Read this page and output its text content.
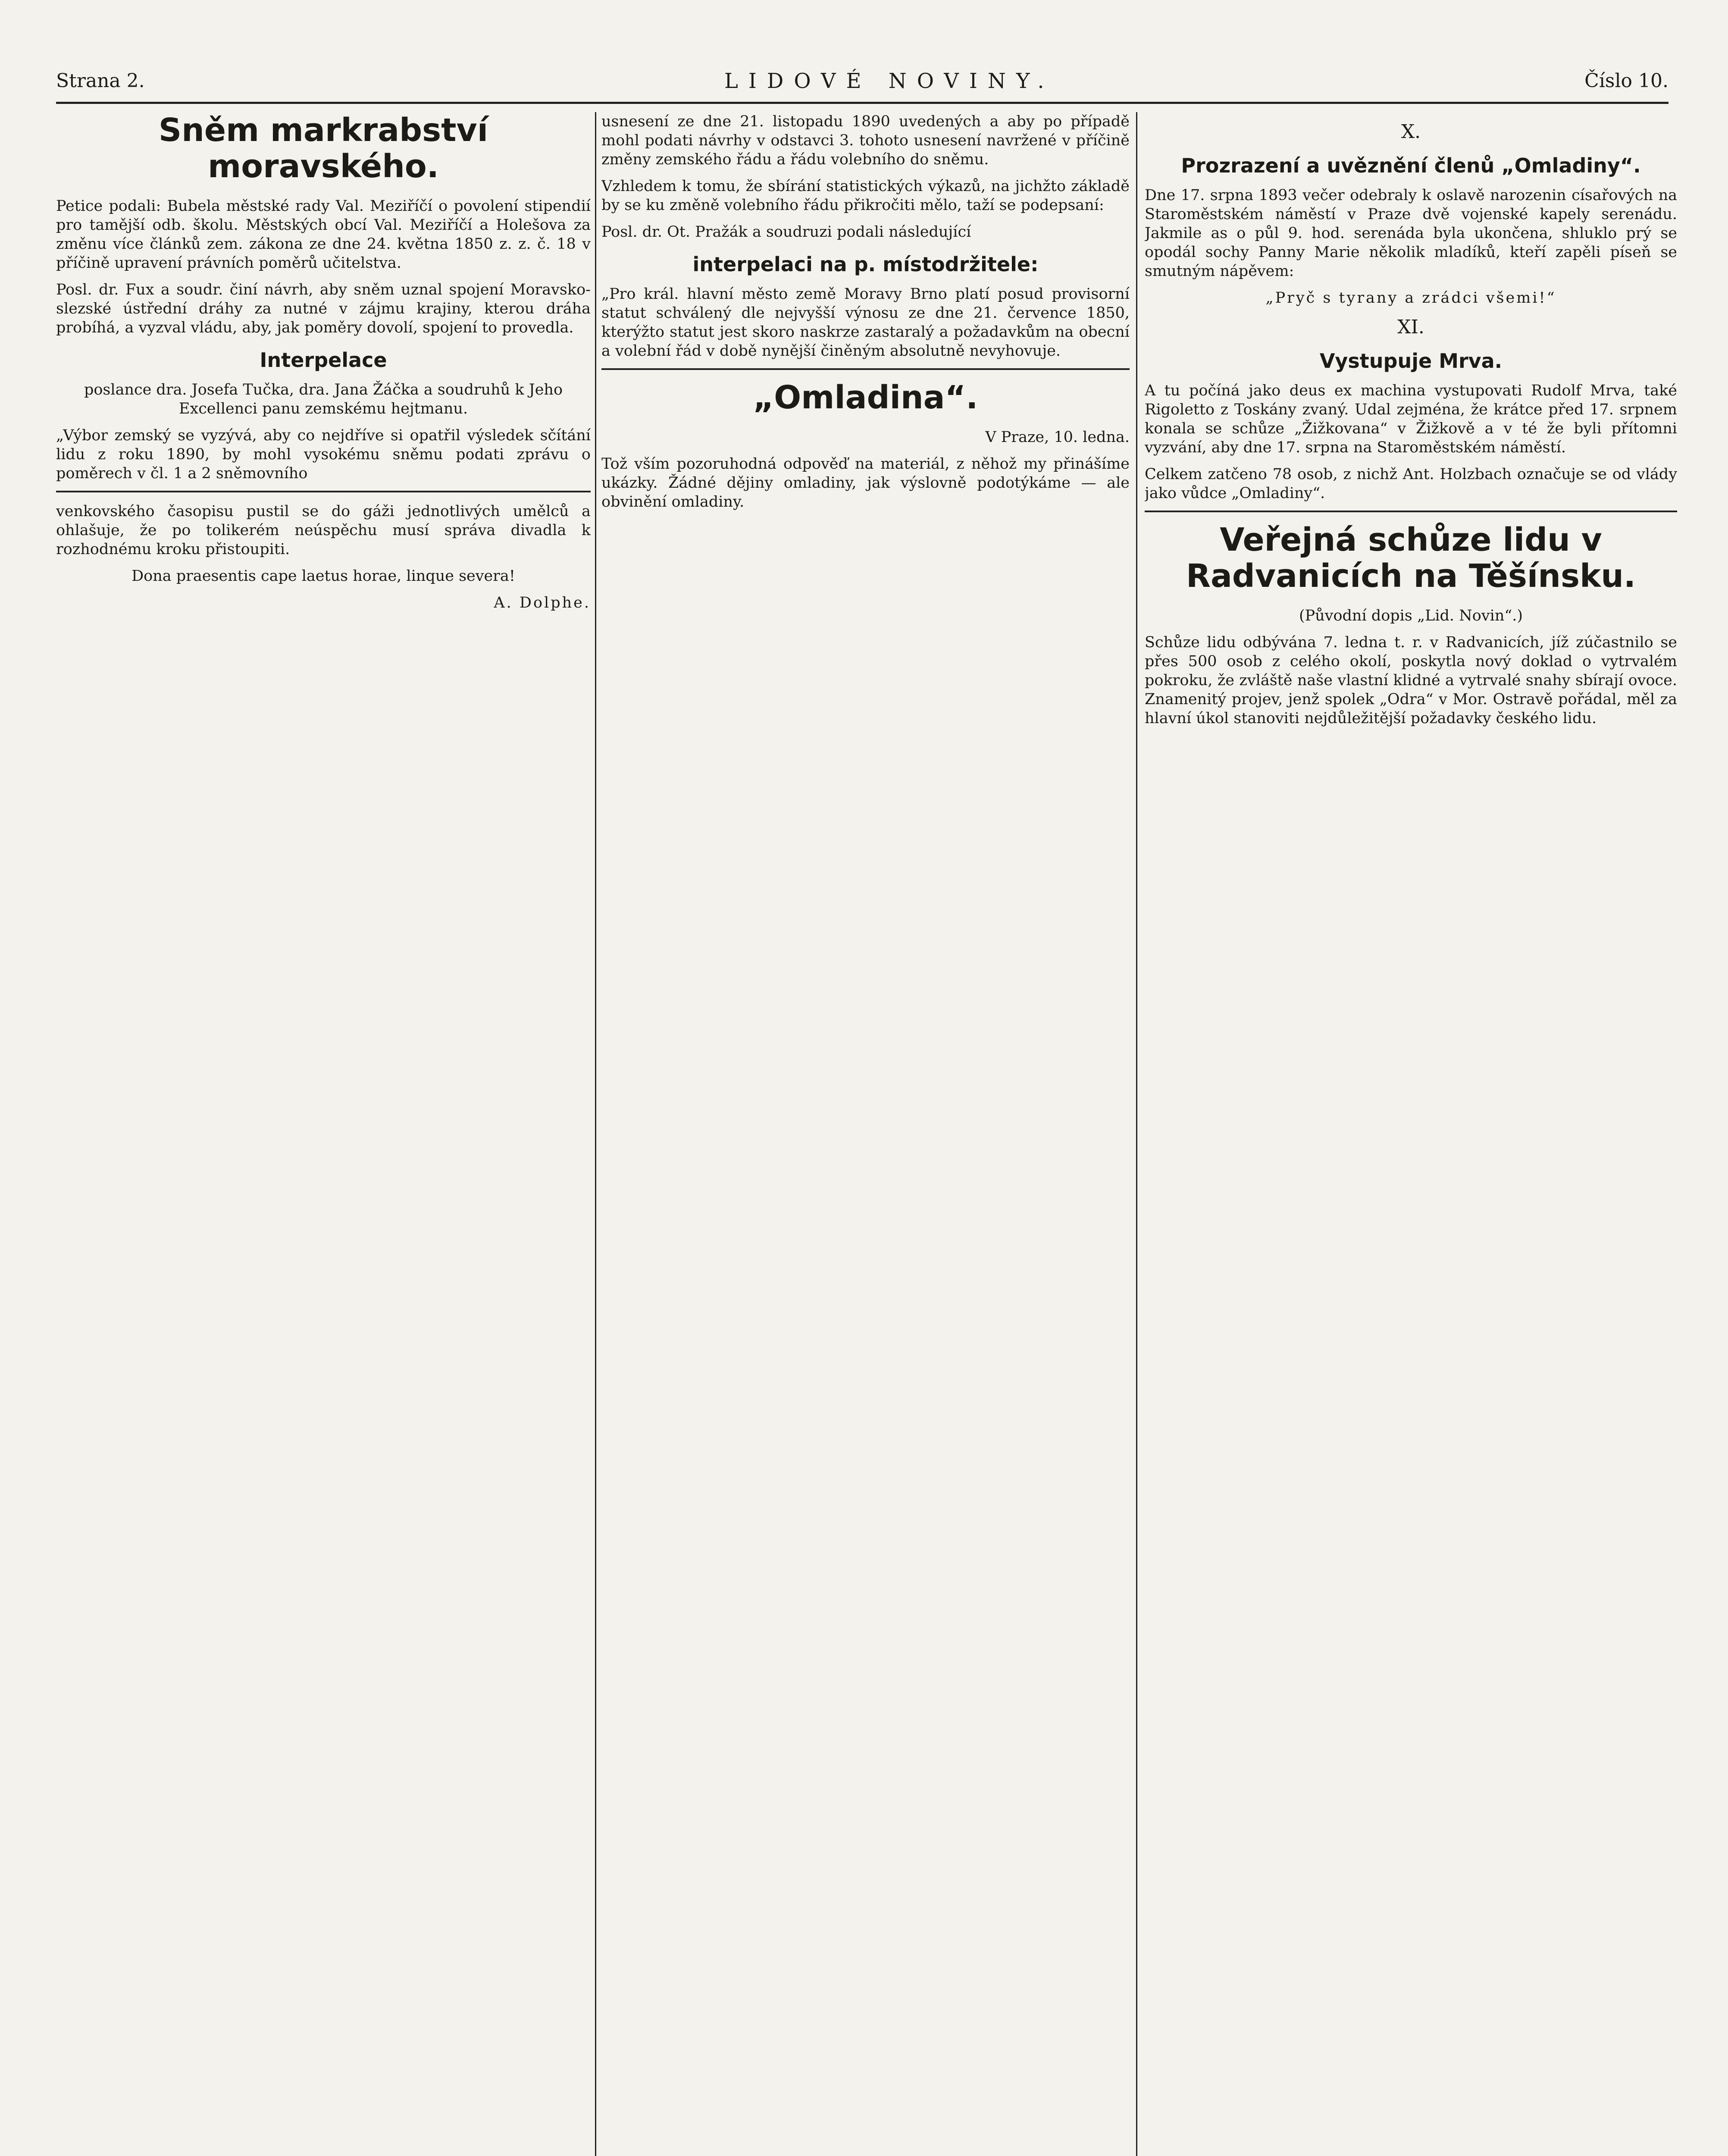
Strana 2.	LIDOVÉ NOVINY.	Číslo 10.
Sněm markrabství moravského.

Petice podali: Bubela městské rady Val. Meziříčí o povolení stipendií pro tamější odb. školu. Městských obcí Val. Meziříčí a Holešova za změnu více článků zem. zákona ze dne 24. května 1850 z. z. č. 18 v příčině upravení právních poměrů učitelstva.

Posl. dr. Fux a soudr. činí návrh, aby sněm uznal spojení Moravsko-slezské ústřední dráhy za nutné v zájmu krajiny, kterou dráha probíhá, a vyzval vládu, aby, jak poměry dovolí, spojení to provedla.

Interpelace

poslance dra. Josefa Tučka, dra. Jana Žáčka a soudruhů k Jeho Excellenci panu zemskému hejtmanu.

„Výbor zemský se vyzývá, aby co nejdříve si opatřil výsledek sčítání lidu z roku 1890, by mohl vysokému sněmu podati zprávu o poměrech v čl. 1 a 2 sněmovního

venkovského časopisu pustil se do gáži jednotlivých umělců a ohlašuje, že po tolikerém neúspěchu musí správa divadla k rozhodnému kroku přistoupiti.

Dona praesentis cape laetus horae, linque severa!

A. Dolphe.

usnesení ze dne 21. listopadu 1890 uvedených a aby po případě mohl podati návrhy v odstavci 3. tohoto usnesení navržené v příčině změny zemského řádu a řádu volebního do sněmu.

Vzhledem k tomu, že sbírání statistických výkazů, na jichžto základě by se ku změně volebního řádu přikročiti mělo, taží se podepsaní:

Posl. dr. Ot. Pražák a soudruzi podali následující

interpelaci na p. místodržitele:

„Pro král. hlavní město země Moravy Brno platí posud provisorní statut schválený dle nejvyšší výnosu ze dne 21. července 1850, kterýžto statut jest skoro naskrze zastaralý a požadavkům na obecní a volební řád v době nynější činěným absolutně nevyhovuje.

„Omladina“.

V Praze, 10. ledna.

Tož vším pozoruhodná odpověď na materiál, z něhož my přinášíme ukázky. Žádné dějiny omladiny, jak výslovně podotýkáme — ale obvinění omladiny.

X.
Prozrazení a uvěznění členů „Omladiny“.

Dne 17. srpna 1893 večer odebraly k oslavě narozenin císařových na Staroměstském náměstí v Praze dvě vojenské kapely serenádu. Jakmile as o půl 9. hod. serenáda byla ukončena, shluklo prý se opodál sochy Panny Marie několik mladíků, kteří zapěli píseň se smutným nápěvem:

„Pryč s tyrany a zrádci všemi!“

XI.
Vystupuje Mrva.

A tu počíná jako deus ex machina vystupovati Rudolf Mrva, také Rigoletto z Toskány zvaný. Udal zejména, že krátce před 17. srpnem konala se schůze „Žižkovana“ v Žižkově a v té že byli přítomni vyzvání, aby dne 17. srpna na Staroměstském náměstí.

Celkem zatčeno 78 osob, z nichž Ant. Holzbach označuje se od vlády jako vůdce „Omladiny“.

Veřejná schůze lidu v Radvanicích na Těšínsku.

(Původní dopis „Lid. Novin“.)

Schůze lidu odbývána 7. ledna t. r. v Radvanicích, jíž zúčastnilo se přes 500 osob z celého okolí, poskytla nový doklad o vytrvalém pokroku, že zvláště naše vlastní klidné a vytrvalé snahy sbírají ovoce. Znamenitý projev, jenž spolek „Odra“ v Mor. Ostravě pořádal, měl za hlavní úkol stanoviti nejdůležitější požadavky českého lidu.
